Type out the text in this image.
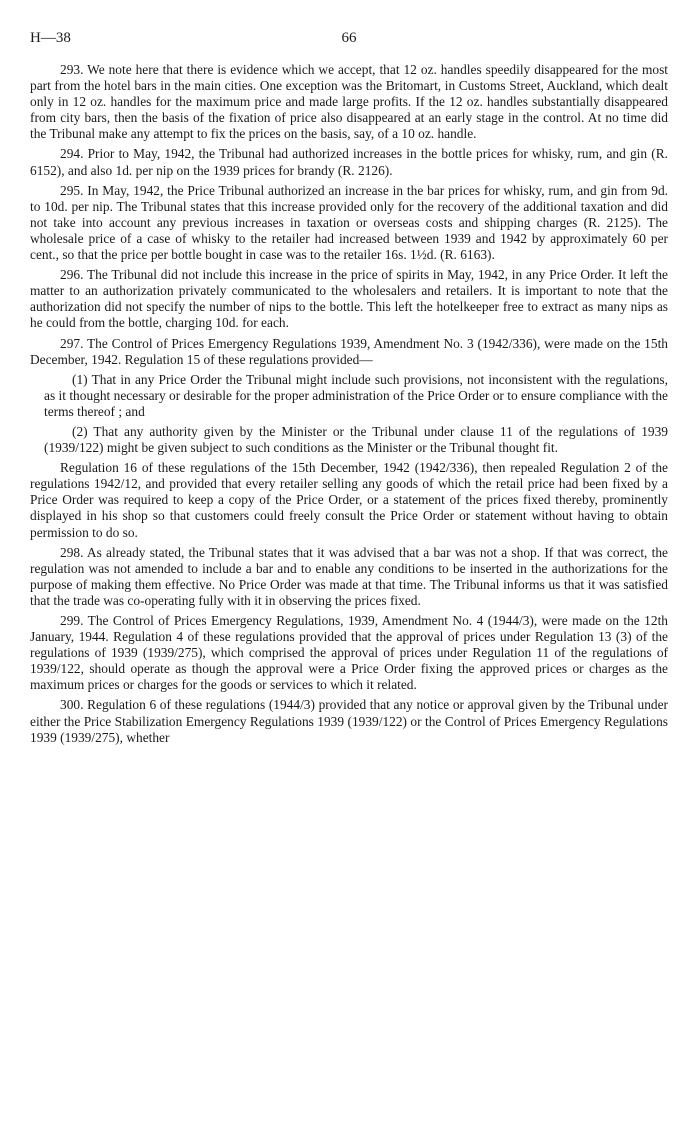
H—38	66

293. We note here that there is evidence which we accept, that 12 oz. handles speedily disappeared for the most part from the hotel bars in the main cities. One exception was the Britomart, in Customs Street, Auckland, which dealt only in 12 oz. handles for the maximum price and made large profits. If the 12 oz. handles substantially disappeared from city bars, then the basis of the fixation of price also disappeared at an early stage in the control. At no time did the Tribunal make any attempt to fix the prices on the basis, say, of a 10 oz. handle.

294. Prior to May, 1942, the Tribunal had authorized increases in the bottle prices for whisky, rum, and gin (R. 6152), and also 1d. per nip on the 1939 prices for brandy (R. 2126).

295. In May, 1942, the Price Tribunal authorized an increase in the bar prices for whisky, rum, and gin from 9d. to 10d. per nip. The Tribunal states that this increase provided only for the recovery of the additional taxation and did not take into account any previous increases in taxation or overseas costs and shipping charges (R. 2125). The wholesale price of a case of whisky to the retailer had increased between 1939 and 1942 by approximately 60 per cent., so that the price per bottle bought in case was to the retailer 16s. 1½d. (R. 6163).

296. The Tribunal did not include this increase in the price of spirits in May, 1942, in any Price Order. It left the matter to an authorization privately communicated to the wholesalers and retailers. It is important to note that the authorization did not specify the number of nips to the bottle. This left the hotelkeeper free to extract as many nips as he could from the bottle, charging 10d. for each.

297. The Control of Prices Emergency Regulations 1939, Amendment No. 3 (1942/336), were made on the 15th December, 1942. Regulation 15 of these regulations provided—

(1) That in any Price Order the Tribunal might include such provisions, not inconsistent with the regulations, as it thought necessary or desirable for the proper administration of the Price Order or to ensure compliance with the terms thereof ; and

(2) That any authority given by the Minister or the Tribunal under clause 11 of the regulations of 1939 (1939/122) might be given subject to such conditions as the Minister or the Tribunal thought fit.

Regulation 16 of these regulations of the 15th December, 1942 (1942/336), then repealed Regulation 2 of the regulations 1942/12, and provided that every retailer selling any goods of which the retail price had been fixed by a Price Order was required to keep a copy of the Price Order, or a statement of the prices fixed thereby, prominently displayed in his shop so that customers could freely consult the Price Order or statement without having to obtain permission to do so.

298. As already stated, the Tribunal states that it was advised that a bar was not a shop. If that was correct, the regulation was not amended to include a bar and to enable any conditions to be inserted in the authorizations for the purpose of making them effective. No Price Order was made at that time. The Tribunal informs us that it was satisfied that the trade was co-operating fully with it in observing the prices fixed.

299. The Control of Prices Emergency Regulations, 1939, Amendment No. 4 (1944/3), were made on the 12th January, 1944. Regulation 4 of these regulations provided that the approval of prices under Regulation 13 (3) of the regulations of 1939 (1939/275), which comprised the approval of prices under Regulation 11 of the regulations of 1939/122, should operate as though the approval were a Price Order fixing the approved prices or charges as the maximum prices or charges for the goods or services to which it related.

300. Regulation 6 of these regulations (1944/3) provided that any notice or approval given by the Tribunal under either the Price Stabilization Emergency Regulations 1939 (1939/122) or the Control of Prices Emergency Regulations 1939 (1939/275), whether
